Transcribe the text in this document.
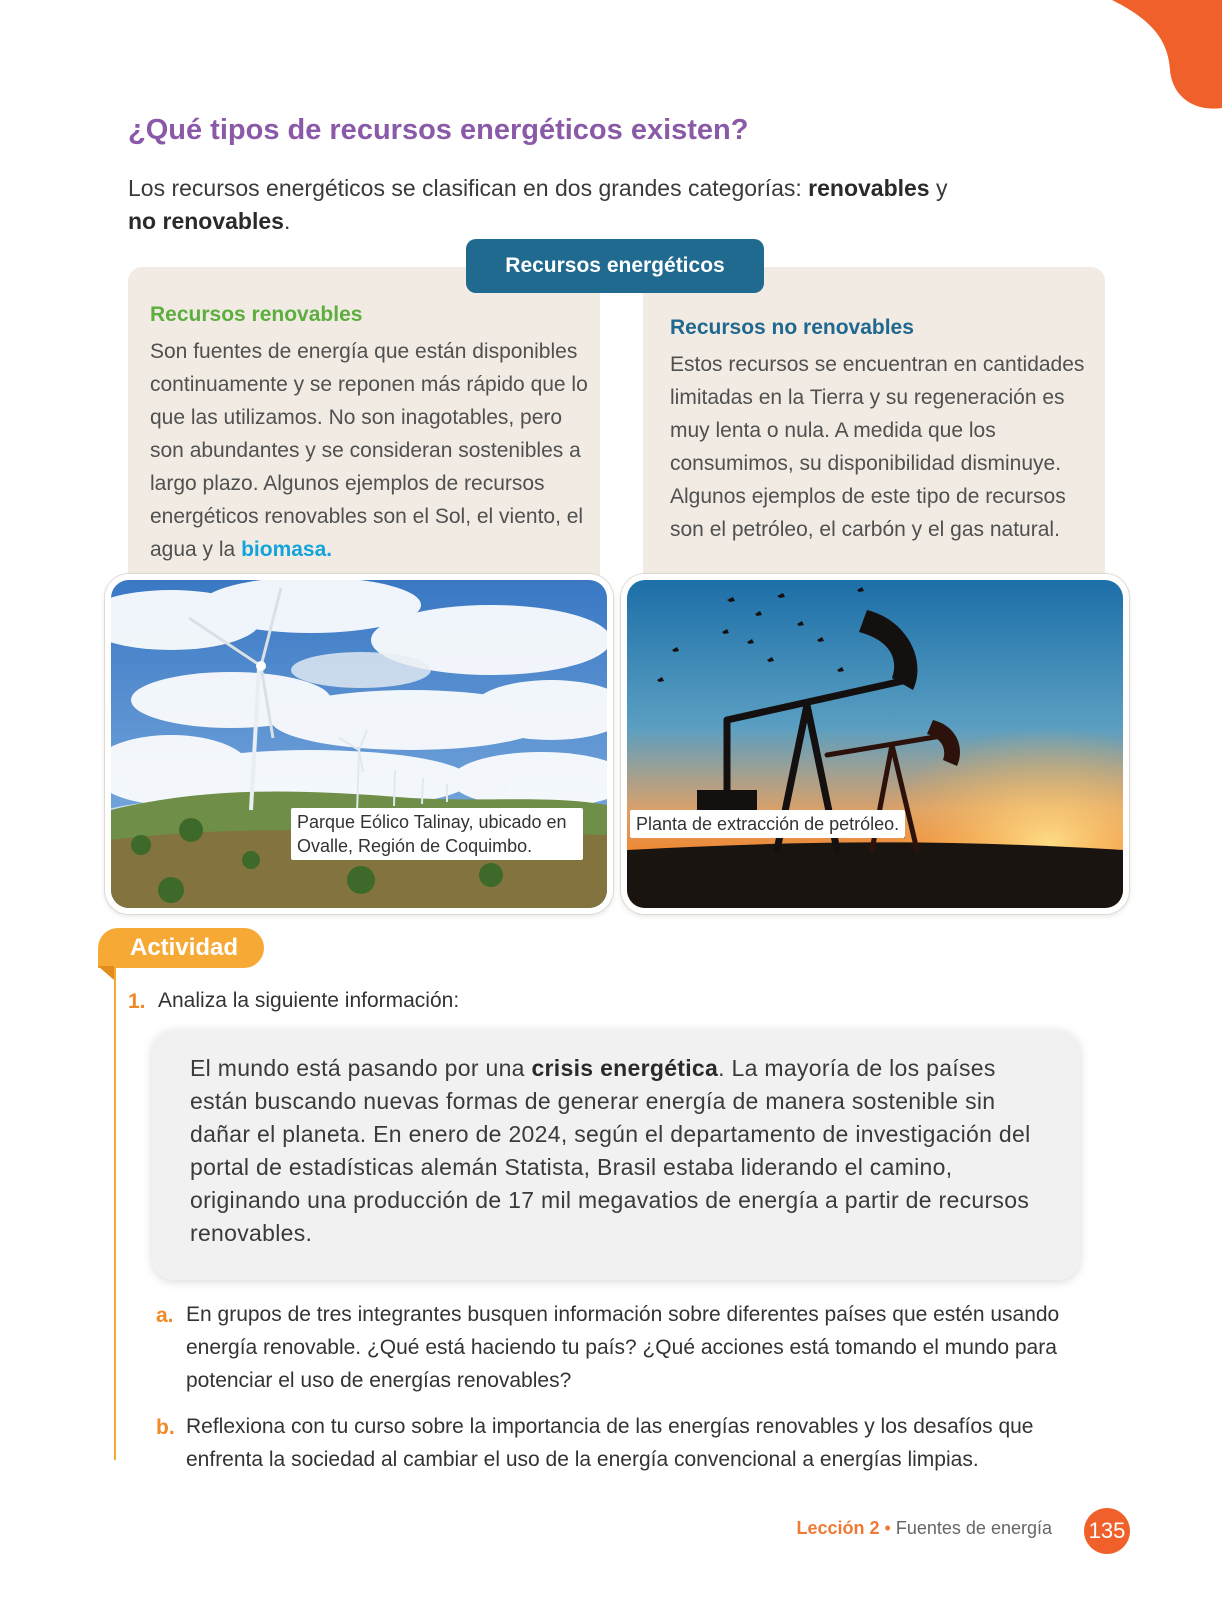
¿Qué tipos de recursos energéticos existen?

Los recursos energéticos se clasifican en dos grandes categorías: renovables y
no renovables.

Recursos energéticos
Recursos renovables

Son fuentes de energía que están disponibles continuamente y se reponen más rápido que lo que las utilizamos. No son inagotables, pero son abundantes y se consideran sostenibles a largo plazo. Algunos ejemplos de recursos energéticos renovables son el Sol, el viento, el agua y la biomasa.

Recursos no renovables

Estos recursos se encuentran en cantidades limitadas en la Tierra y su regeneración es muy lenta o nula. A medida que los consumimos, su disponibilidad disminuye. Algunos ejemplos de este tipo de recursos son el petróleo, el carbón y el gas natural.

Parque Eólico Talinay, ubicado en Ovalle, Región de Coquimbo.
Planta de extracción de petróleo.
Actividad
1. Analiza la siguiente información:

El mundo está pasando por una crisis energética. La mayoría de los países están buscando nuevas formas de generar energía de manera sostenible sin dañar el planeta. En enero de 2024, según el departamento de investigación del portal de estadísticas alemán Statista, Brasil estaba liderando el camino, originando una producción de 17 mil megavatios de energía a partir de recursos renovables.

a. En grupos de tres integrantes busquen información sobre diferentes países que estén usando energía renovable. ¿Qué está haciendo tu país? ¿Qué acciones está tomando el mundo para potenciar el uso de energías renovables?

b. Reflexiona con tu curso sobre la importancia de las energías renovables y los desafíos que enfrenta la sociedad al cambiar el uso de la energía convencional a energías limpias.

Lección 2 • Fuentes de energía 135
